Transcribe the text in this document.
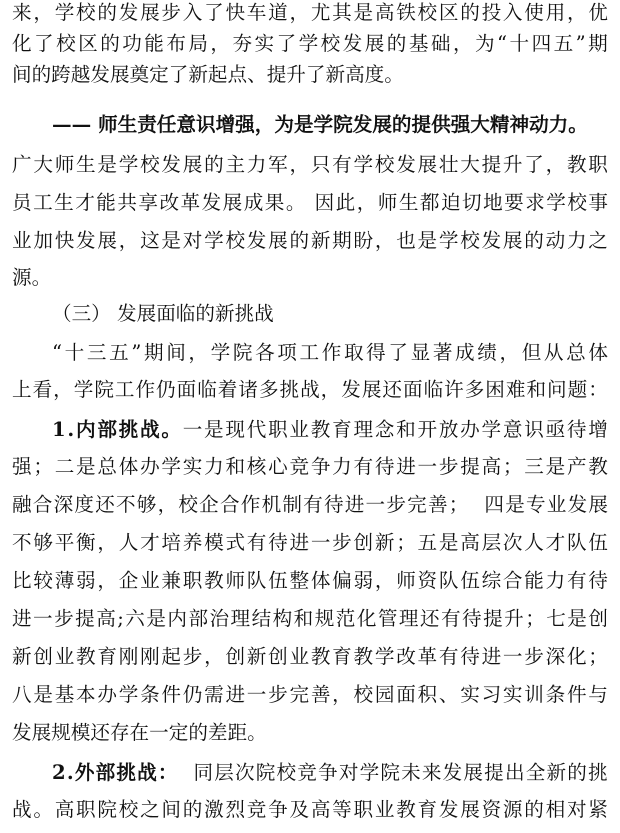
来 ， 学 校 的 发 展 步 入 了 快 车 道 ， 尤 其 是 高 铁 校 区 的 投 入 使 用 ， 优
化 了 校 区 的 功 能 布 局 ， 夯 实 了 学 校 发 展 的 基 础 ， 为 “ 十 四 五 ” 期
间的跨越发展奠定了新起点、提升了新高度。
—— 师生责任意识增强，为是学院发展的提供强大精神动力。
广 大 师 生 是 学 校 发 展 的 主 力 军 ， 只 有 学 校 发 展 壮 大 提 升 了 ， 教 职
员 工 生 才 能 共 享 改 革 发 展 成 果 。
因 此 ， 师 生 都 迫 切 地 要 求 学 校 事
业 加 快 发 展 ， 这 是 对 学 校 发 展 的 新 期 盼 ， 也 是 学 校 发 展 的 动 力 之
源。
（三） 发展面临的新挑战
“ 十 三 五 ” 期 间 ， 学 院 各 项 工 作 取 得 了 显 著 成 绩 ， 但 从 总 体
上 看 ， 学 院 工 作 仍 面 临 着 诸 多 挑 战 ， 发 展 还 面 临 许 多 困 难 和 问 题 ：
1 . 内 部 挑 战 。 一 是 现 代 职 业 教 育 理 念 和 开 放 办 学 意 识 亟 待 增
强 ； 二 是 总 体 办 学 实 力 和 核 心 竞 争 力 有 待 进 一 步 提 高 ； 三 是 产 教
融 合 深 度 还 不 够 ， 校 企 合 作 机 制 有 待 进 一 步 完 善 ；

四 是 专 业 发 展
不 够 平 衡 ， 人 才 培 养 模 式 有 待 进 一 步 创 新 ； 五 是 高 层 次 人 才 队 伍
比 较 薄 弱 ， 企 业 兼 职 教 师 队 伍 整 体 偏 弱 ， 师 资 队 伍 综 合 能 力 有 待
进 一 步 提 高 ; 六 是 内 部 治 理 结 构 和 规 范 化 管 理 还 有 待 提 升 ； 七 是 创
新 创 业 教 育 刚 刚 起 步 ， 创 新 创 业 教 育 教 学 改 革 有 待 进 一 步 深 化 ；
八 是 基 本 办 学 条 件 仍 需 进 一 步 完 善 ， 校 园 面 积 、 实 习 实 训 条 件 与
发展规模还存在一定的差距。
2 . 外 部 挑 战 ：

同 层 次 院 校 竞 争 对 学 院 未 来 发 展 提 出 全 新 的 挑
战 。 高 职 院 校 之 间 的 激 烈 竞 争 及 高 等 职 业 教 育 发 展 资 源 的 相 对 紧
